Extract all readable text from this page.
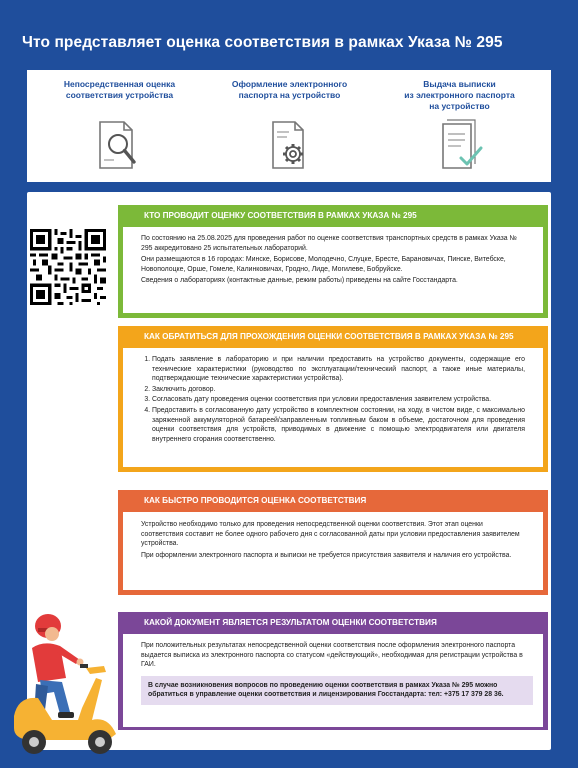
Что представляет оценка соответствия в рамках Указа № 295
Непосредственная оценка
соответствия устройства
Оформление электронного
паспорта на устройство
Выдача выписки
из электронного паспорта
на устройство
КТО ПРОВОДИТ ОЦЕНКУ СООТВЕТСТВИЯ В РАМКАХ УКАЗА № 295

По состоянию на 25.08.2025 для проведения работ по оценке соответствия транспортных средств в рамках Указа № 295 аккредитовано 25 испытательных лабораторий.

Они размещаются в 16 городах: Минске, Борисове, Молодечно, Слуцке, Бресте, Барановичах, Пинске, Витебске, Новополоцке, Орше, Гомеле, Калинковичах, Гродно, Лиде, Могилеве, Бобруйске.

Сведения о лабораториях (контактные данные, режим работы) приведены на сайте Госстандарта.

КАК ОБРАТИТЬСЯ ДЛЯ ПРОХОЖДЕНИЯ ОЦЕНКИ СООТВЕТСТВИЯ В РАМКАХ УКАЗА № 295
1. Подать заявление в лабораторию и при наличии предоставить на устройство документы, содержащие его технические характеристики (руководство по эксплуатации/технический паспорт, а также иные материалы, подтверждающие технические характеристики устройства).
2. Заключить договор.
3. Согласовать дату проведения оценки соответствия при условии предоставления заявителем устройства.
4. Предоставить в согласованную дату устройство в комплектном состоянии, на ходу, в чистом виде, с максимально заряженной аккумуляторной батареей/заправленным топливным баком в объеме, достаточном для проведения оценки соответствия для устройств, приводимых в движение с помощью электродвигателя или двигателя внутреннего сгорания соответственно.
КАК БЫСТРО ПРОВОДИТСЯ ОЦЕНКА СООТВЕТСТВИЯ

Устройство необходимо только для проведения непосредственной оценки соответствия. Этот этап оценки соответствия составит не более одного рабочего дня с согласованной даты при условии предоставления заявителем устройства.

При оформлении электронного паспорта и выписки не требуется присутствия заявителя и наличия его устройства.

КАКОЙ ДОКУМЕНТ ЯВЛЯЕТСЯ РЕЗУЛЬТАТОМ ОЦЕНКИ СООТВЕТСТВИЯ

При положительных результатах непосредственной оценки соответствия после оформления электронного паспорта выдается выписка из электронного паспорта со статусом «действующий», необходимая для регистрации устройства в ГАИ.

В случае возникновения вопросов по проведению оценки соответствия в рамках Указа № 295 можно обратиться в управление оценки соответствия и лицензирования Госстандарта: тел: +375 17 379 28 36.
